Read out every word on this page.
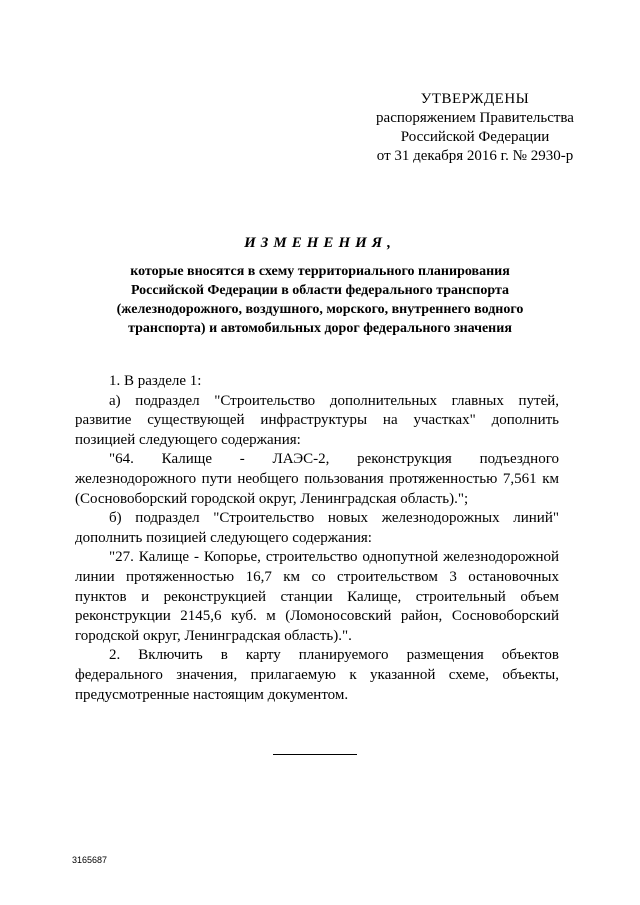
УТВЕРЖДЕНЫ
распоряжением Правительства
Российской Федерации
от 31 декабря 2016 г. № 2930-р
ИЗМЕНЕНИЯ,
которые вносятся в схему территориального планирования
Российской Федерации в области федерального транспорта
(железнодорожного, воздушного, морского, внутреннего водного
транспорта) и автомобильных дорог федерального значения

1. В разделе 1:

а) подраздел "Строительство дополнительных главных путей, развитие существующей инфраструктуры на участках" дополнить позицией следующего содержания:

"64. Калище - ЛАЭС-2, реконструкция подъездного железнодорожного пути необщего пользования протяженностью 7,561 км (Сосновоборский городской округ, Ленинградская область).";

б) подраздел "Строительство новых железнодорожных линий" дополнить позицией следующего содержания:

"27. Калище - Копорье, строительство однопутной железнодорожной линии протяженностью 16,7 км со строительством 3 остановочных пунктов и реконструкцией станции Калище, строительный объем реконструкции 2145,6 куб. м (Ломоносовский район, Сосновоборский городской округ, Ленинградская область).".

2. Включить в карту планируемого размещения объектов федерального значения, прилагаемую к указанной схеме, объекты, предусмотренные настоящим документом.

3165687
